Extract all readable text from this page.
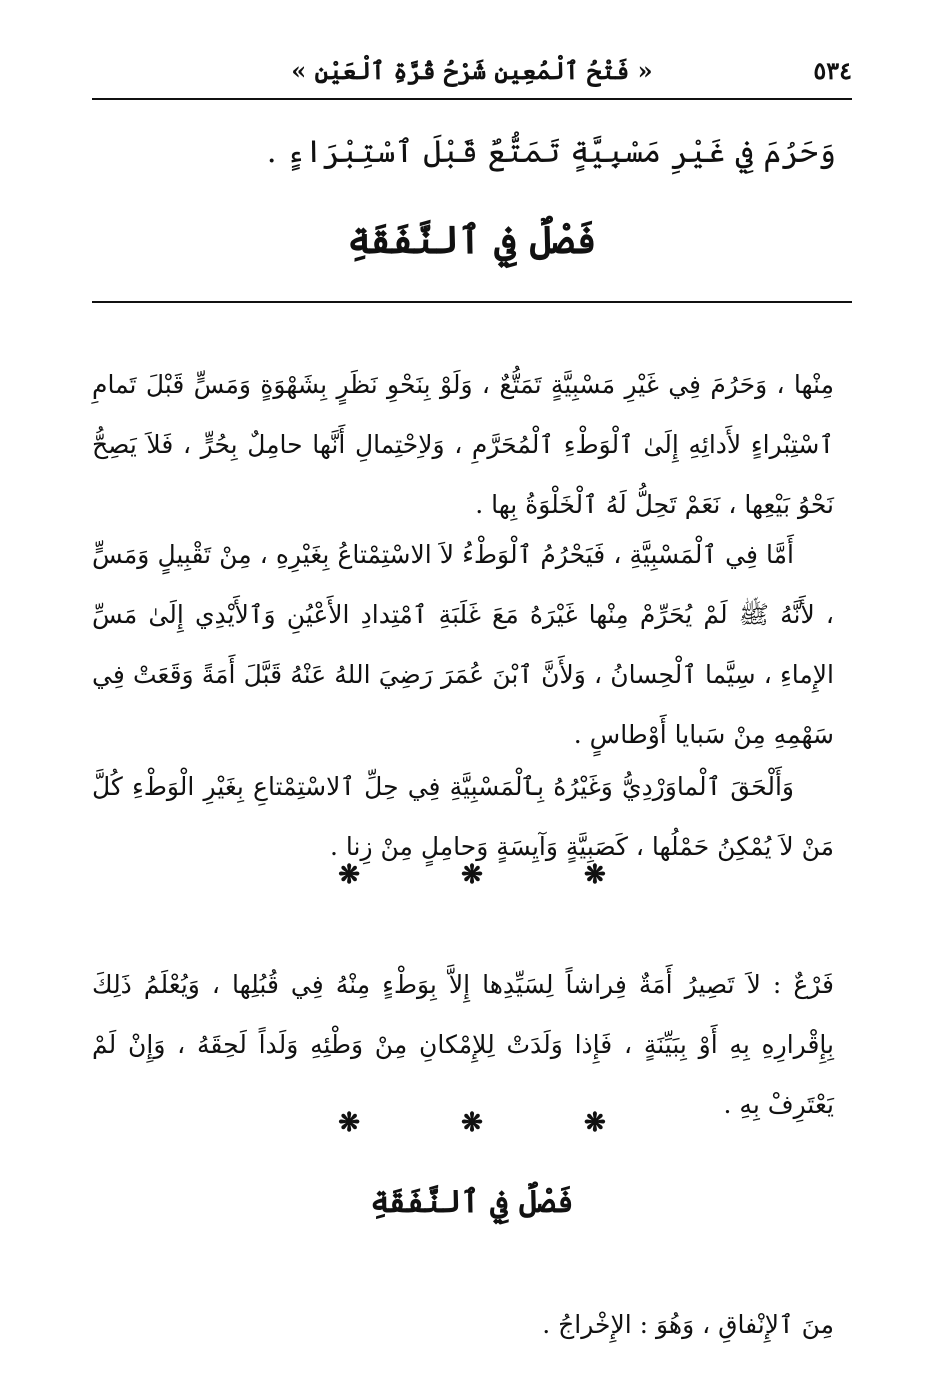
٥٣٤
« فَتْحُ ٱلْمُعِينِ شَرْحُ قُرَّةِ ٱلْعَيْنِ »
وَحَرُمَ فِي غَيْرِ مَسْبِيَّةٍ تَمَتُّعٌ قَبْلَ ٱسْتِبْرَاءٍ .
فَصْلٌ فِي ٱلنَّفَقَةِ

مِنْها ، وَحَرُمَ فِي غَيْرِ مَسْبِيَّةٍ تَمَتُّعٌ ، وَلَوْ بِنَحْوِ نَظَرٍ بِشَهْوَةٍ وَمَسٍّ قَبْلَ تَمامِ ٱسْتِبْراءٍ لأَدائِهِ إِلَىٰ ٱلْوَطْءِ ٱلْمُحَرَّمِ ، وَلاِحْتِمالِ أَنَّها حامِلٌ بِحُرٍّ ، فَلاَ يَصِحُّ نَحْوُ بَيْعِها ، نَعَمْ تَحِلُّ لَهُ ٱلْخَلْوَةُ بِها .

أَمَّا فِي ٱلْمَسْبِيَّةِ ، فَيَحْرُمُ ٱلْوَطْءُ لاَ الاسْتِمْتاعُ بِغَيْرِهِ ، مِنْ تَقْبِيلٍ وَمَسٍّ ، لأَنَّهُ ﷺ لَمْ يُحَرِّمْ مِنْها غَيْرَهُ مَعَ غَلَبَةِ ٱمْتِدادِ الأَعْيُنِ وَٱلأَيْدِي إِلَىٰ مَسِّ الإِماءِ ، سِيَّما ٱلْحِسانُ ، وَلأَنَّ ٱبْنَ عُمَرَ رَضِيَ اللهُ عَنْهُ قَبَّلَ أَمَةً وَقَعَتْ فِي سَهْمِهِ مِنْ سَبايا أَوْطاسٍ .

وَأَلْحَقَ ٱلْماوَرْدِيُّ وَغَيْرُهُ بِٱلْمَسْبِيَّةِ فِي حِلِّ ٱلاسْتِمْتاعِ بِغَيْرِ الْوَطْءِ كُلَّ مَنْ لاَ يُمْكِنُ حَمْلُها ، كَصَبِيَّةٍ وَآيِسَةٍ وَحامِلٍ مِنْ زِنا .

❋ ❋ ❋

فَرْعٌ : لاَ تَصِيرُ أَمَةٌ فِراشاً لِسَيِّدِها إِلاَّ بِوَطْءٍ مِنْهُ فِي قُبُلِها ، وَيُعْلَمُ ذَلِكَ بِإِقْرارِهِ بِهِ أَوْ بِبَيِّنَةٍ ، فَإِذا وَلَدَتْ لِلإِمْكانِ مِنْ وَطْئِهِ وَلَداً لَحِقَهُ ، وَإِنْ لَمْ يَعْتَرِفْ بِهِ .

❋ ❋ ❋
فَصْلٌ فِي ٱلنَّفَقَةِ

مِنَ ٱلإِنْفاقِ ، وَهُوَ : الإِخْراجُ .
